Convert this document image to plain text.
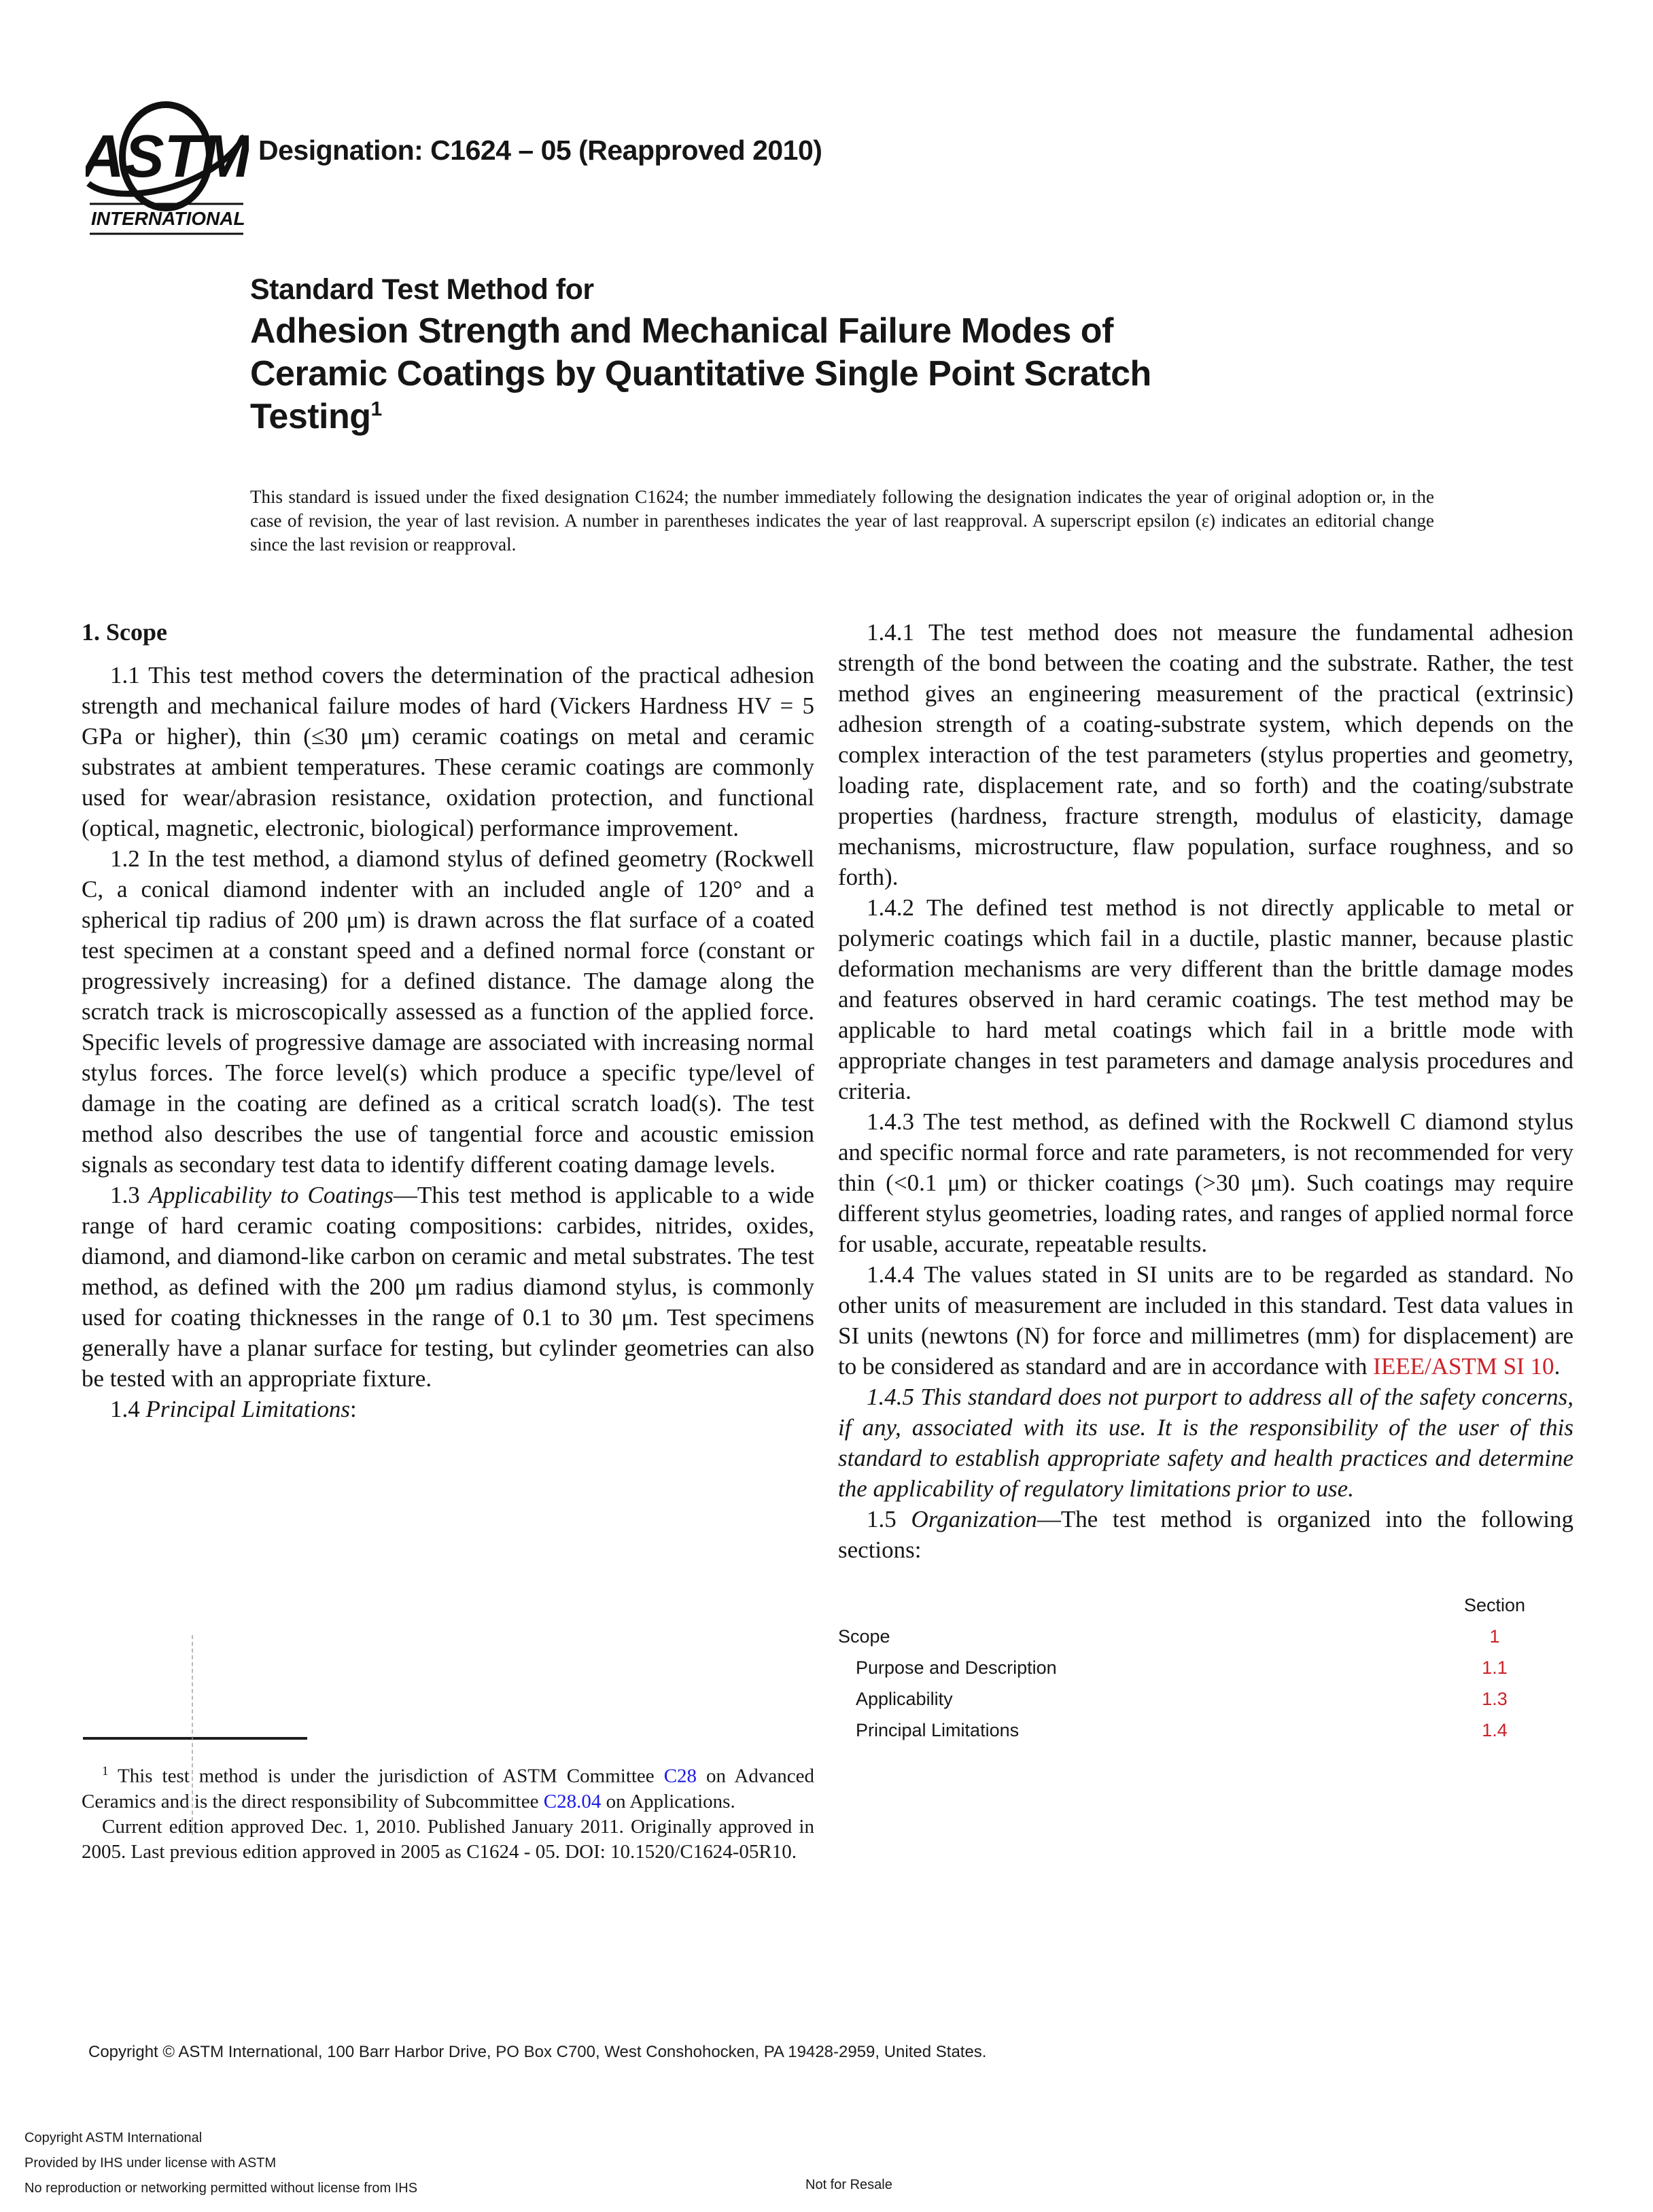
ASTM
INTERNATIONAL
Designation: C1624 – 05 (Reapproved 2010)
Standard Test Method for
Adhesion Strength and Mechanical Failure Modes of
Ceramic Coatings by Quantitative Single Point Scratch
Testing$^1$
This standard is issued under the fixed designation C1624; the number immediately following the designation indicates the year of original adoption or, in the case of revision, the year of last revision. A number in parentheses indicates the year of last reapproval. A superscript epsilon (ε) indicates an editorial change since the last revision or reapproval.
1. Scope

1.1 This test method covers the determination of the practical adhesion strength and mechanical failure modes of hard (Vickers Hardness HV = 5 GPa or higher), thin (≤30 μm) ceramic coatings on metal and ceramic substrates at ambient temperatures. These ceramic coatings are commonly used for wear/abrasion resistance, oxidation protection, and functional (optical, magnetic, electronic, biological) performance improvement.

1.2 In the test method, a diamond stylus of defined geometry (Rockwell C, a conical diamond indenter with an included angle of 120° and a spherical tip radius of 200 μm) is drawn across the flat surface of a coated test specimen at a constant speed and a defined normal force (constant or progressively increasing) for a defined distance. The damage along the scratch track is microscopically assessed as a function of the applied force. Specific levels of progressive damage are associated with increasing normal stylus forces. The force level(s) which produce a specific type/level of damage in the coating are defined as a critical scratch load(s). The test method also describes the use of tangential force and acoustic emission signals as secondary test data to identify different coating damage levels.

1.3 Applicability to Coatings—This test method is applicable to a wide range of hard ceramic coating compositions: carbides, nitrides, oxides, diamond, and diamond-like carbon on ceramic and metal substrates. The test method, as defined with the 200 μm radius diamond stylus, is commonly used for coating thicknesses in the range of 0.1 to 30 μm. Test specimens generally have a planar surface for testing, but cylinder geometries can also be tested with an appropriate fixture.

1.4 Principal Limitations:

$^1$ This test method is under the jurisdiction of ASTM Committee C28 on Advanced Ceramics and is the direct responsibility of Subcommittee C28.04 on Applications.

Current edition approved Dec. 1, 2010. Published January 2011. Originally approved in 2005. Last previous edition approved in 2005 as C1624 - 05. DOI: 10.1520/C1624-05R10.

1.4.1 The test method does not measure the fundamental adhesion strength of the bond between the coating and the substrate. Rather, the test method gives an engineering measurement of the practical (extrinsic) adhesion strength of a coating-substrate system, which depends on the complex interaction of the test parameters (stylus properties and geometry, loading rate, displacement rate, and so forth) and the coating/substrate properties (hardness, fracture strength, modulus of elasticity, damage mechanisms, microstructure, flaw population, surface roughness, and so forth).

1.4.2 The defined test method is not directly applicable to metal or polymeric coatings which fail in a ductile, plastic manner, because plastic deformation mechanisms are very different than the brittle damage modes and features observed in hard ceramic coatings. The test method may be applicable to hard metal coatings which fail in a brittle mode with appropriate changes in test parameters and damage analysis procedures and criteria.

1.4.3 The test method, as defined with the Rockwell C diamond stylus and specific normal force and rate parameters, is not recommended for very thin (<0.1 μm) or thicker coatings (>30 μm). Such coatings may require different stylus geometries, loading rates, and ranges of applied normal force for usable, accurate, repeatable results.

1.4.4 The values stated in SI units are to be regarded as standard. No other units of measurement are included in this standard. Test data values in SI units (newtons (N) for force and millimetres (mm) for displacement) are to be considered as standard and are in accordance with IEEE/ASTM SI 10.

1.4.5 This standard does not purport to address all of the safety concerns, if any, associated with its use. It is the responsibility of the user of this standard to establish appropriate safety and health practices and determine the applicability of regulatory limitations prior to use.

1.5 Organization—The test method is organized into the following sections:

Section
Scope	1
Purpose and Description	1.1
Applicability	1.3
Principal Limitations	1.4
Copyright © ASTM International, 100 Barr Harbor Drive, PO Box C700, West Conshohocken, PA 19428-2959, United States.
Copyright ASTM International
Provided by IHS under license with ASTM
No reproduction or networking permitted without license from IHS	Not for Resale
